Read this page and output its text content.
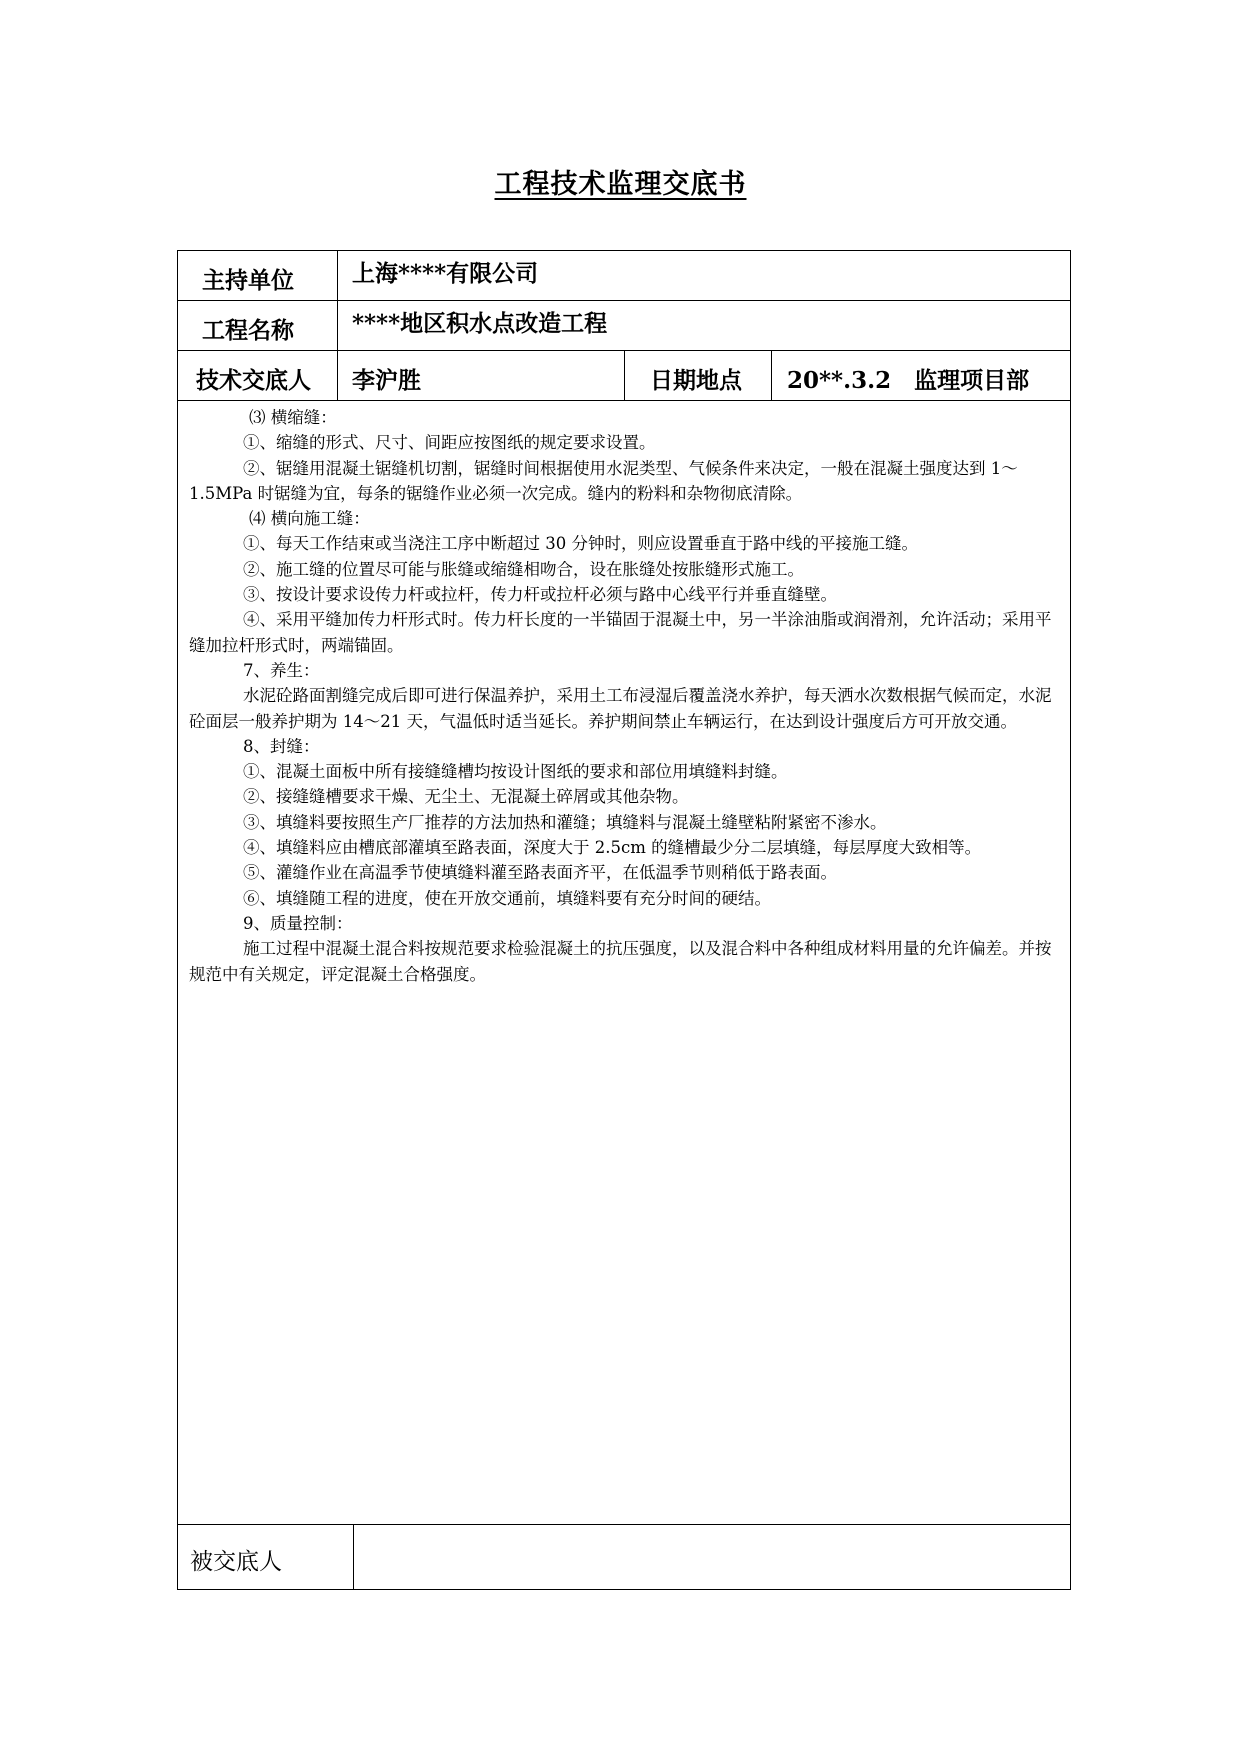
工程技术监理交底书
主持单位	上海****有限公司
工程名称	****地区积水点改造工程
技术交底人 李沪胜	日期地点 20**.3.2　监理项目部

⑶ 横缩缝：

①、缩缝的形式、尺寸、间距应按图纸的规定要求设置。

②、锯缝用混凝土锯缝机切割，锯缝时间根据使用水泥类型、气候条件来决定，一般在混凝土强度达到 1～1.5MPa 时锯缝为宜，每条的锯缝作业必须一次完成。缝内的粉料和杂物彻底清除。

⑷ 横向施工缝：

①、每天工作结束或当浇注工序中断超过 30 分钟时，则应设置垂直于路中线的平接施工缝。

②、施工缝的位置尽可能与胀缝或缩缝相吻合，设在胀缝处按胀缝形式施工。

③、按设计要求设传力杆或拉杆，传力杆或拉杆必须与路中心线平行并垂直缝壁。

④、采用平缝加传力杆形式时。传力杆长度的一半锚固于混凝土中，另一半涂油脂或润滑剂，允许活动；采用平缝加拉杆形式时，两端锚固。

7、养生：

水泥砼路面割缝完成后即可进行保温养护，采用土工布浸湿后覆盖浇水养护，每天洒水次数根据气候而定，水泥砼面层一般养护期为 14～21 天，气温低时适当延长。养护期间禁止车辆运行，在达到设计强度后方可开放交通。

8、封缝：

①、混凝土面板中所有接缝缝槽均按设计图纸的要求和部位用填缝料封缝。

②、接缝缝槽要求干燥、无尘土、无混凝土碎屑或其他杂物。

③、填缝料要按照生产厂推荐的方法加热和灌缝；填缝料与混凝土缝壁粘附紧密不渗水。

④、填缝料应由槽底部灌填至路表面，深度大于 2.5cm 的缝槽最少分二层填缝，每层厚度大致相等。

⑤、灌缝作业在高温季节使填缝料灌至路表面齐平，在低温季节则稍低于路表面。

⑥、填缝随工程的进度，使在开放交通前，填缝料要有充分时间的硬结。

9、质量控制：

施工过程中混凝土混合料按规范要求检验混凝土的抗压强度，以及混合料中各种组成材料用量的允许偏差。并按规范中有关规定，评定混凝土合格强度。

被交底人
